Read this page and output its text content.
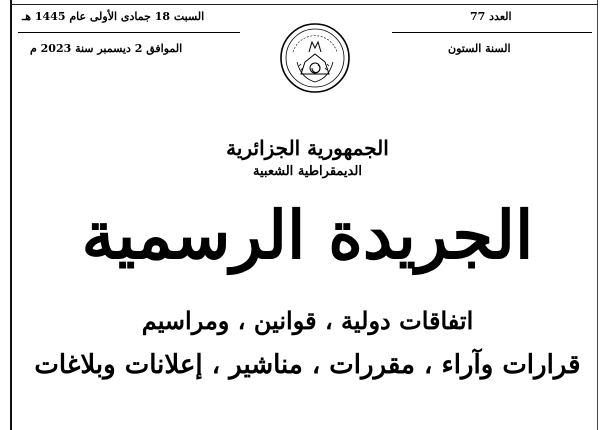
السبت 18 جمادى الأولى عام 1445 هـ
الموافق 2 ديسمبر سنة 2023 م
العدد 77
السنة الستون
الجمهورية الجزائرية
الديمقراطية الشعبية
الجريدة الرسمية
اتفاقات دولية ، قوانين ، ومراسيم
قرارات وآراء ، مقررات ، مناشير ، إعلانات وبلاغات
